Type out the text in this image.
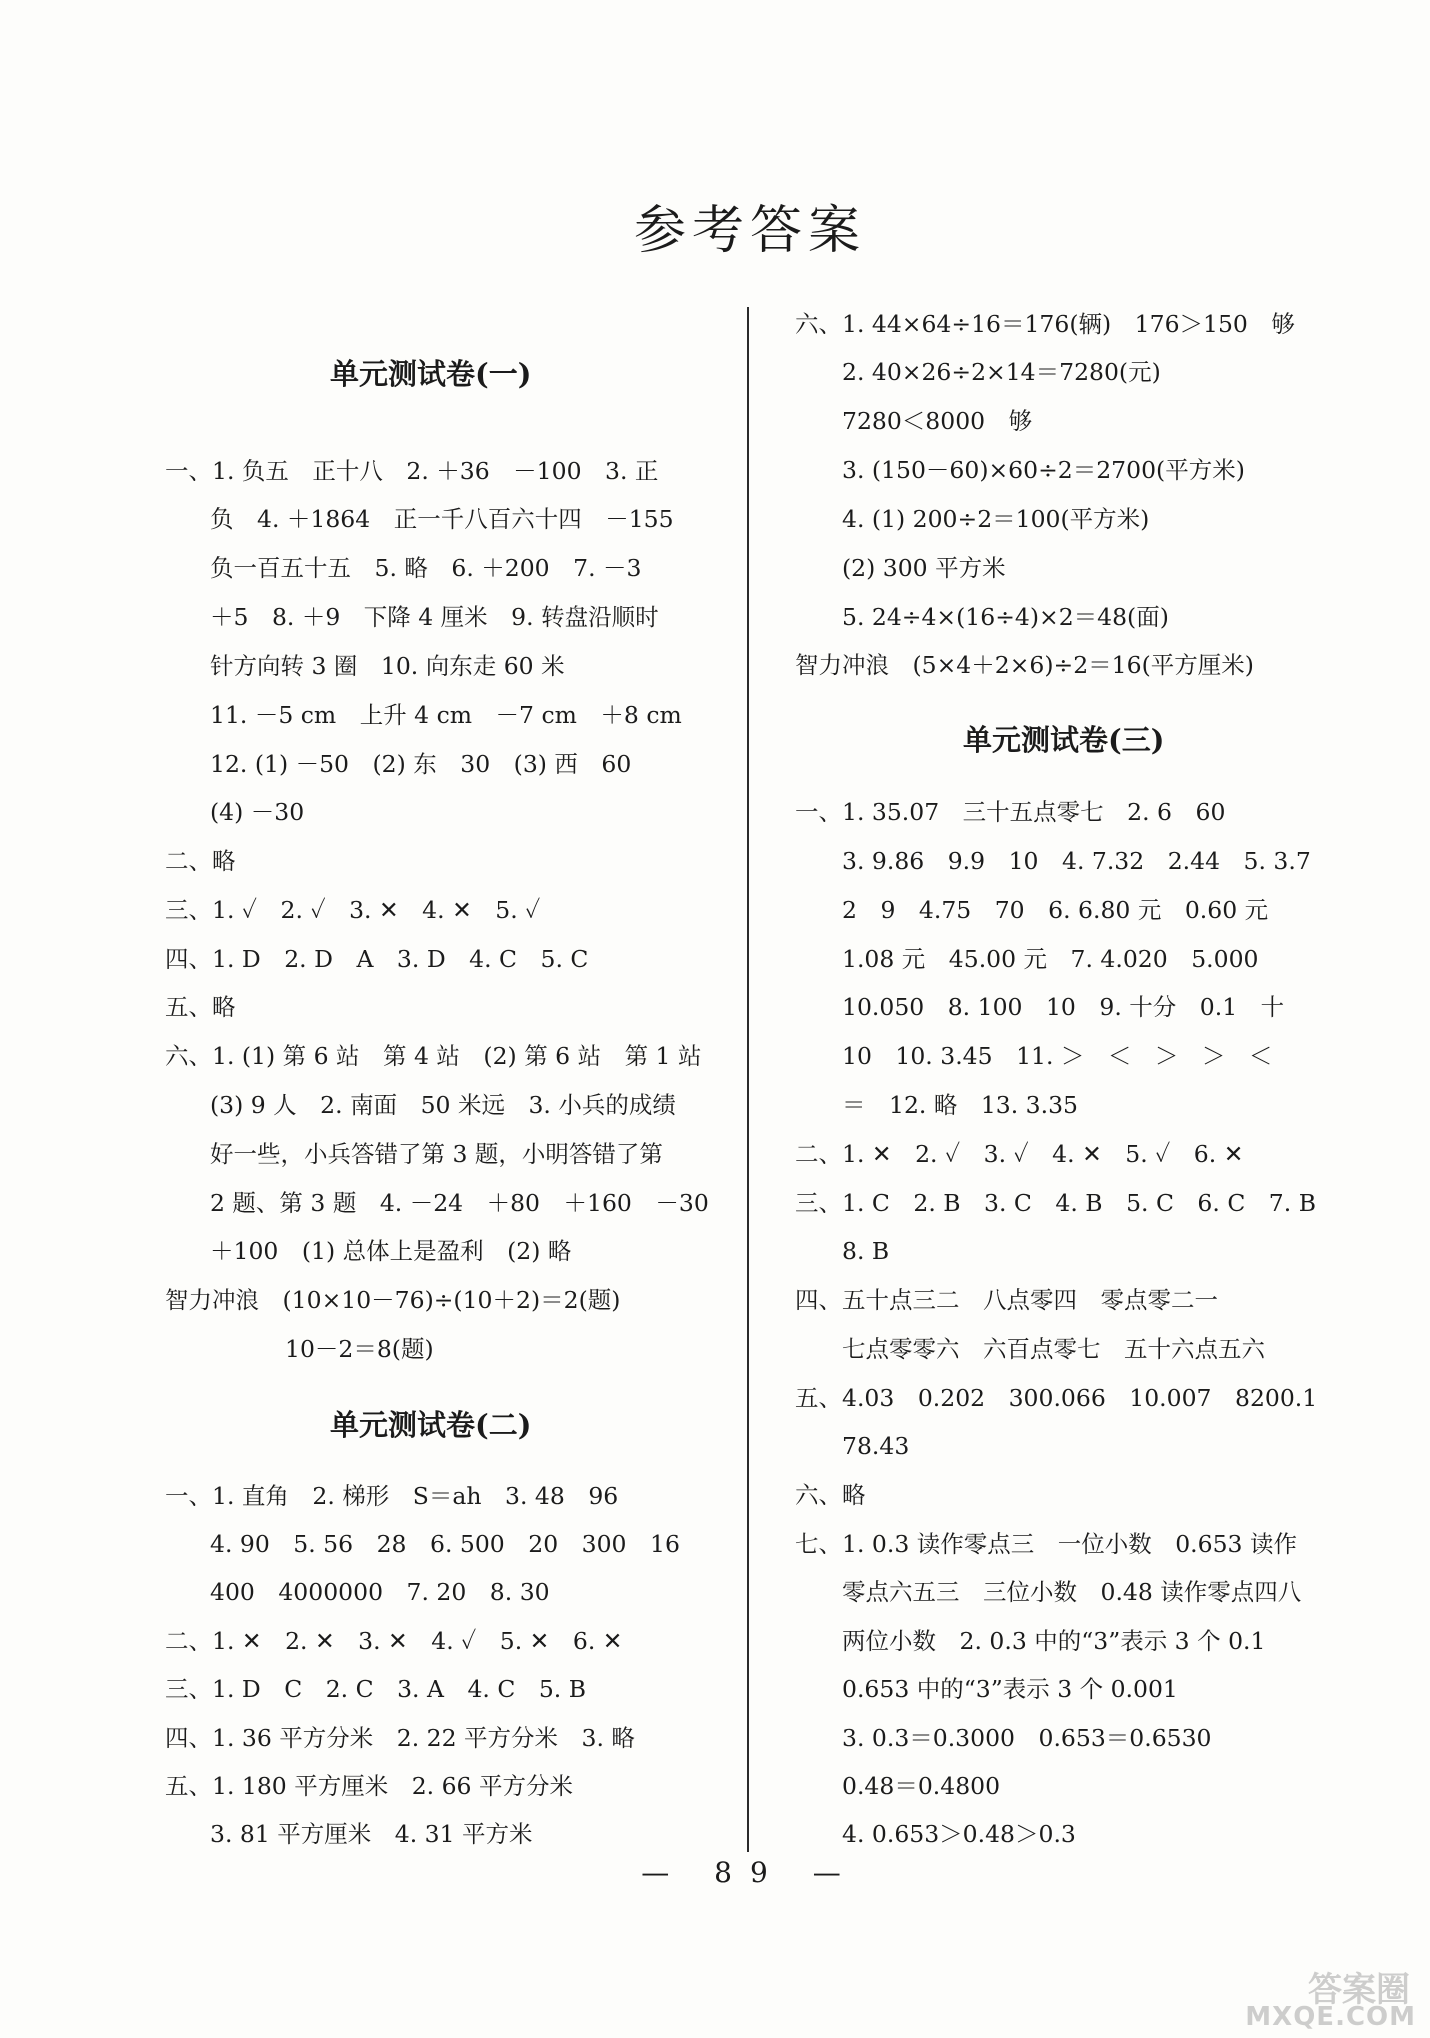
参考答案
单元测试卷(一)
一、1. 负五　正十八　2. ＋36　－100　3. 正
负　4. ＋1864　正一千八百六十四　－155
负一百五十五　5. 略　6. ＋200　7. －3
＋5　8. ＋9　下降 4 厘米　9. 转盘沿顺时
针方向转 3 圈　10. 向东走 60 米
11. －5 cm　上升 4 cm　－7 cm　＋8 cm
12. (1) －50　(2) 东　30　(3) 西　60
(4) －30
二、略
三、1. ✓　2. ✓　3. ✕　4. ✕　5. ✓
四、1. D　2. D　A　3. D　4. C　5. C
五、略
六、1. (1) 第 6 站　第 4 站　(2) 第 6 站　第 1 站
(3) 9 人　2. 南面　50 米远　3. 小兵的成绩
好一些，小兵答错了第 3 题，小明答错了第
2 题、第 3 题　4. －24　＋80　＋160　－30
＋100　(1) 总体上是盈利　(2) 略
智力冲浪　(10×10－76)÷(10＋2)＝2(题)
10－2＝8(题)
单元测试卷(二)
一、1. 直角　2. 梯形　S＝ah　3. 48　96
4. 90　5. 56　28　6. 500　20　300　16
400　4000000　7. 20　8. 30
二、1. ✕　2. ✕　3. ✕　4. ✓　5. ✕　6. ✕
三、1. D　C　2. C　3. A　4. C　5. B
四、1. 36 平方分米　2. 22 平方分米　3. 略
五、1. 180 平方厘米　2. 66 平方分米
3. 81 平方厘米　4. 31 平方米
六、1. 44×64÷16＝176(辆)　176＞150　够
2. 40×26÷2×14＝7280(元)
7280＜8000　够
3. (150－60)×60÷2＝2700(平方米)
4. (1) 200÷2＝100(平方米)
(2) 300 平方米
5. 24÷4×(16÷4)×2＝48(面)
智力冲浪　(5×4＋2×6)÷2＝16(平方厘米)
单元测试卷(三)
一、1. 35.07　三十五点零七　2. 6　60
3. 9.86　9.9　10　4. 7.32　2.44　5. 3.7
2　9　4.75　70　6. 6.80 元　0.60 元
1.08 元　45.00 元　7. 4.020　5.000
10.050　8. 100　10　9. 十分　0.1　十
10　10. 3.45　11. ＞　＜　＞　＞　＜
＝　12. 略　13. 3.35
二、1. ✕　2. ✓　3. ✓　4. ✕　5. ✓　6. ✕
三、1. C　2. B　3. C　4. B　5. C　6. C　7. B
8. B
四、五十点三二　八点零四　零点零二一
七点零零六　六百点零七　五十六点五六
五、4.03　0.202　300.066　10.007　8200.1
78.43
六、略
七、1. 0.3 读作零点三　一位小数　0.653 读作
零点六五三　三位小数　0.48 读作零点四八
两位小数　2. 0.3 中的“3”表示 3 个 0.1
0.653 中的“3”表示 3 个 0.001
3. 0.3＝0.3000　0.653＝0.6530
0.48＝0.4800
4. 0.653＞0.48＞0.3
— 89 —
答案圈
MXQE.COM
